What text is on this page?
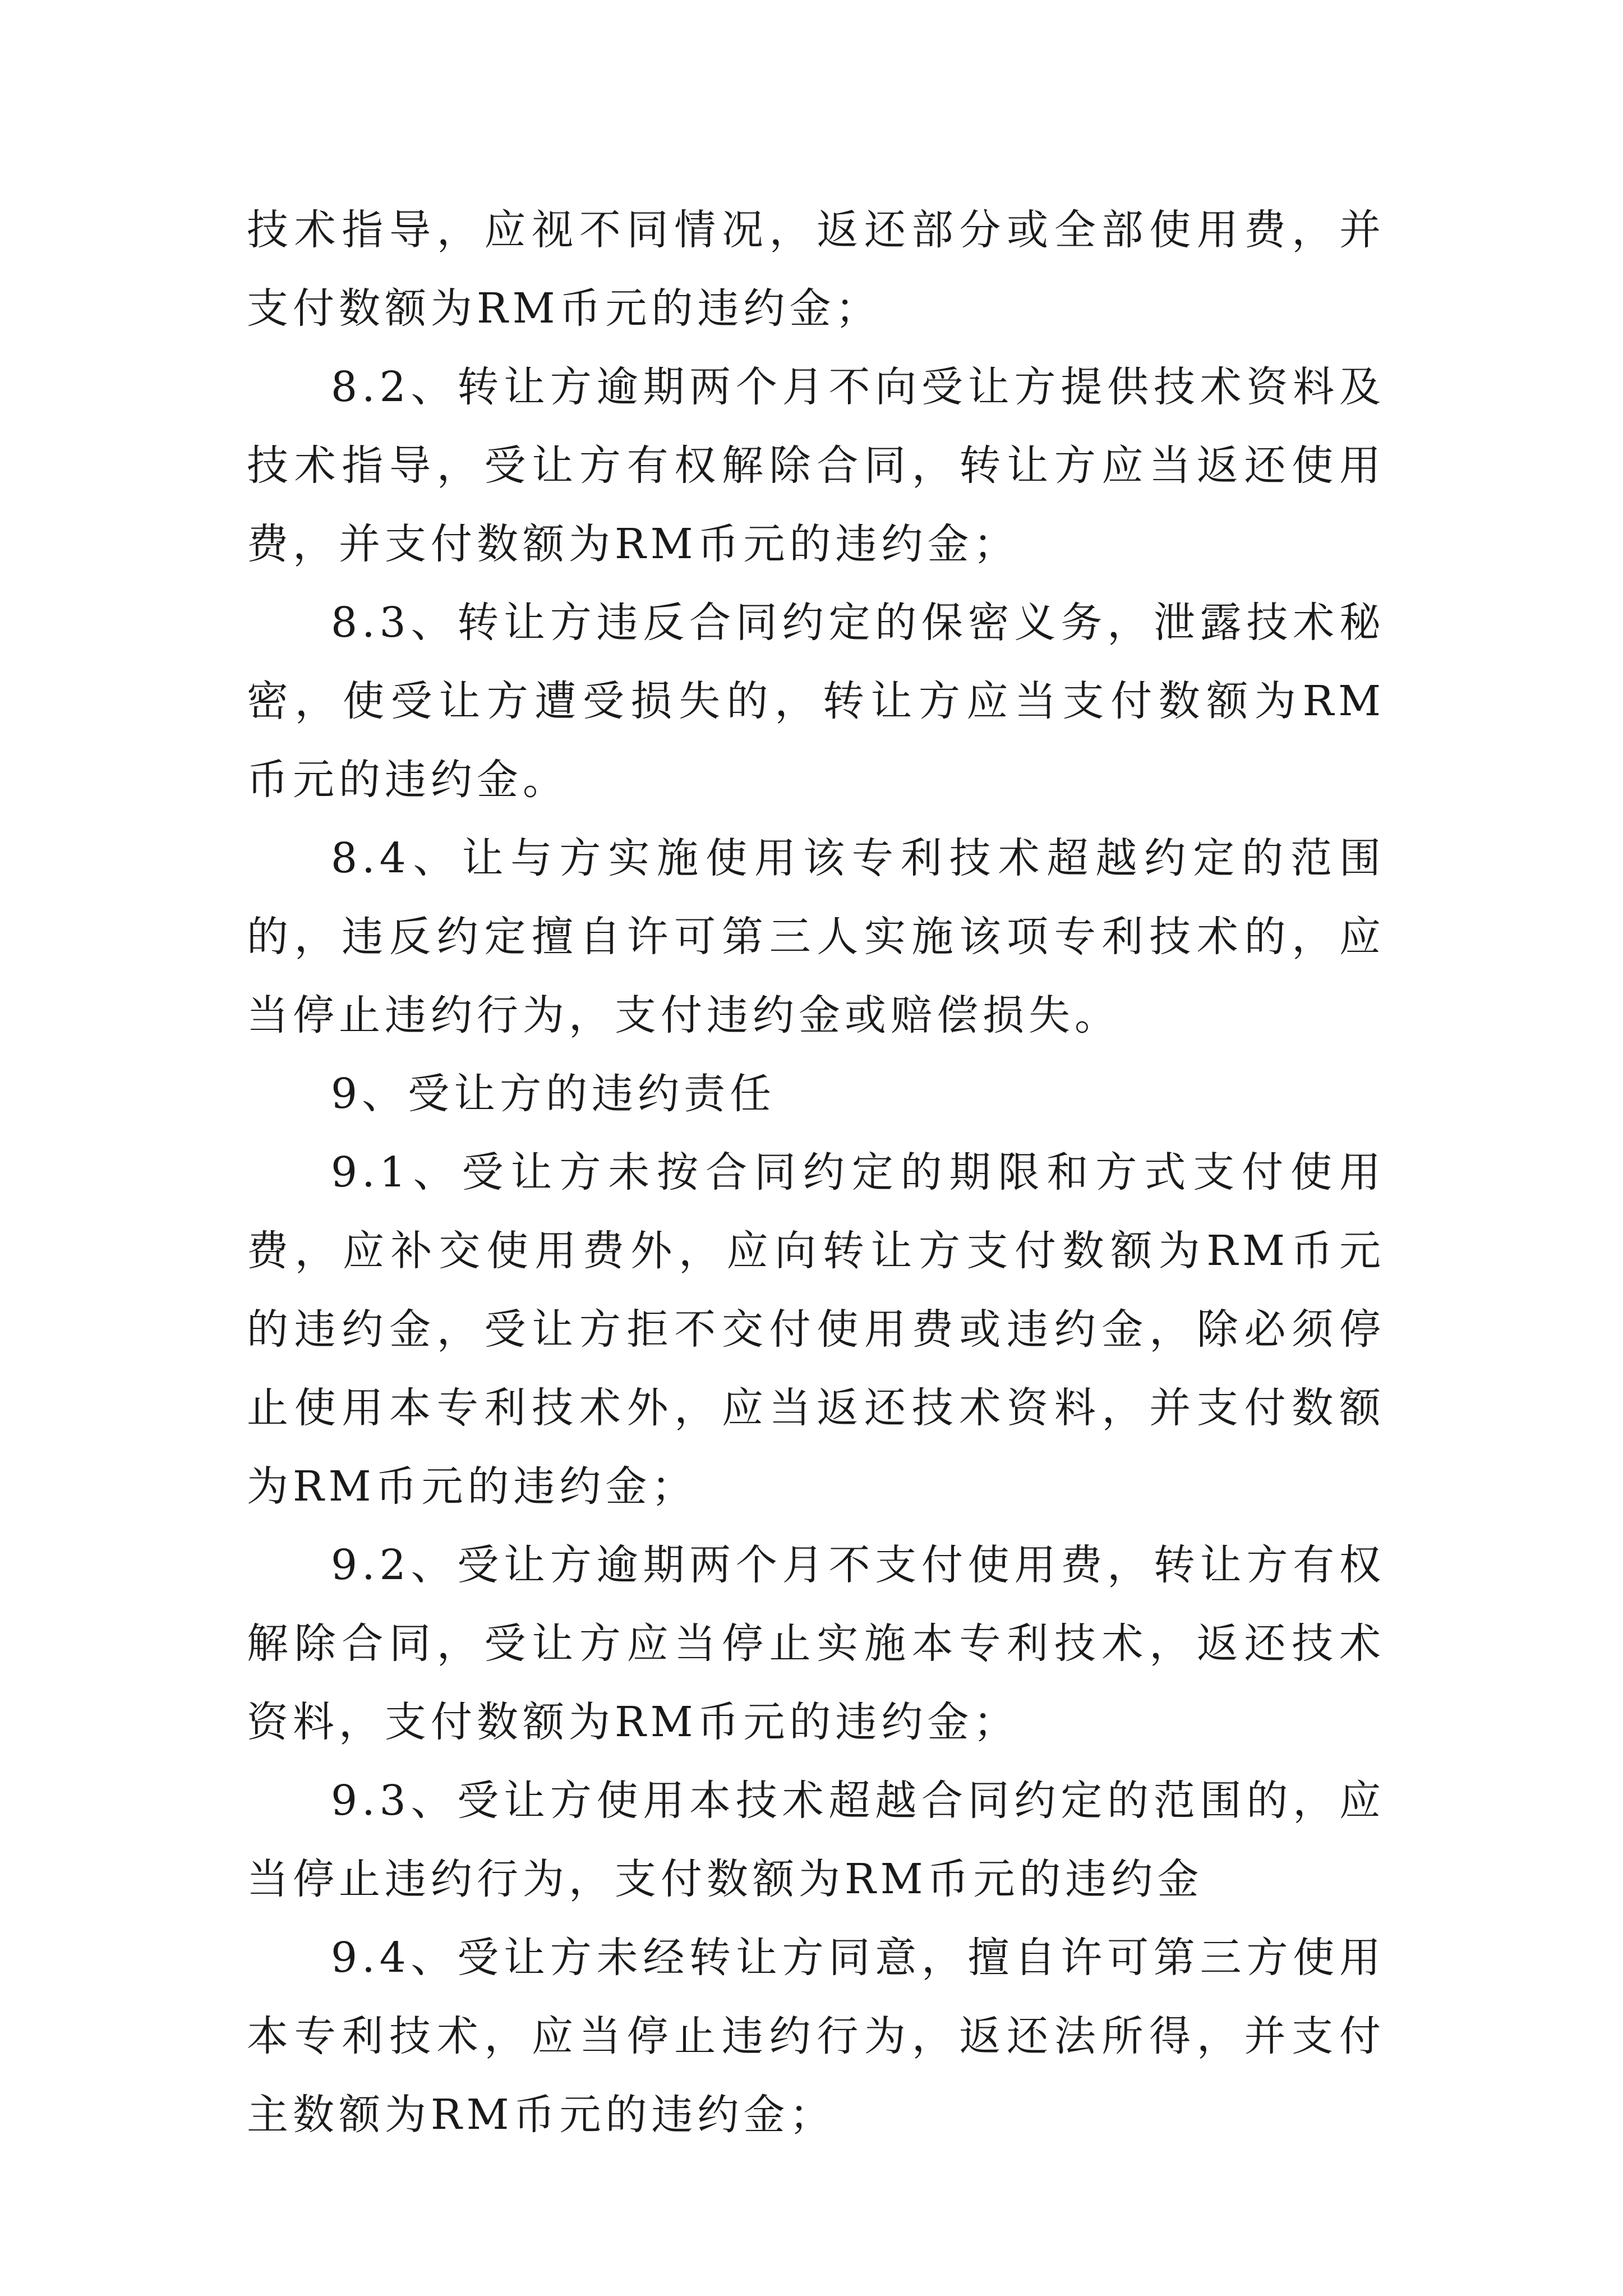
技术指导，应视不同情况，返还部分或全部使用费，并支付数额为RM币元的违约金；

8.2、转让方逾期两个月不向受让方提供技术资料及技术指导，受让方有权解除合同，转让方应当返还使用费，并支付数额为RM币元的违约金；

8.3、转让方违反合同约定的保密义务，泄露技术秘密，使受让方遭受损失的，转让方应当支付数额为RM币元的违约金。

8.4、让与方实施使用该专利技术超越约定的范围的，违反约定擅自许可第三人实施该项专利技术的，应当停止违约行为，支付违约金或赔偿损失。

9、受让方的违约责任

9.1、受让方未按合同约定的期限和方式支付使用费，应补交使用费外，应向转让方支付数额为RM币元的违约金，受让方拒不交付使用费或违约金，除必须停止使用本专利技术外，应当返还技术资料，并支付数额为RM币元的违约金；

9.2、受让方逾期两个月不支付使用费，转让方有权解除合同，受让方应当停止实施本专利技术，返还技术资料，支付数额为RM币元的违约金；

9.3、受让方使用本技术超越合同约定的范围的，应当停止违约行为，支付数额为RM币元的违约金

9.4、受让方未经转让方同意，擅自许可第三方使用本专利技术，应当停止违约行为，返还法所得，并支付主数额为RM币元的违约金；
